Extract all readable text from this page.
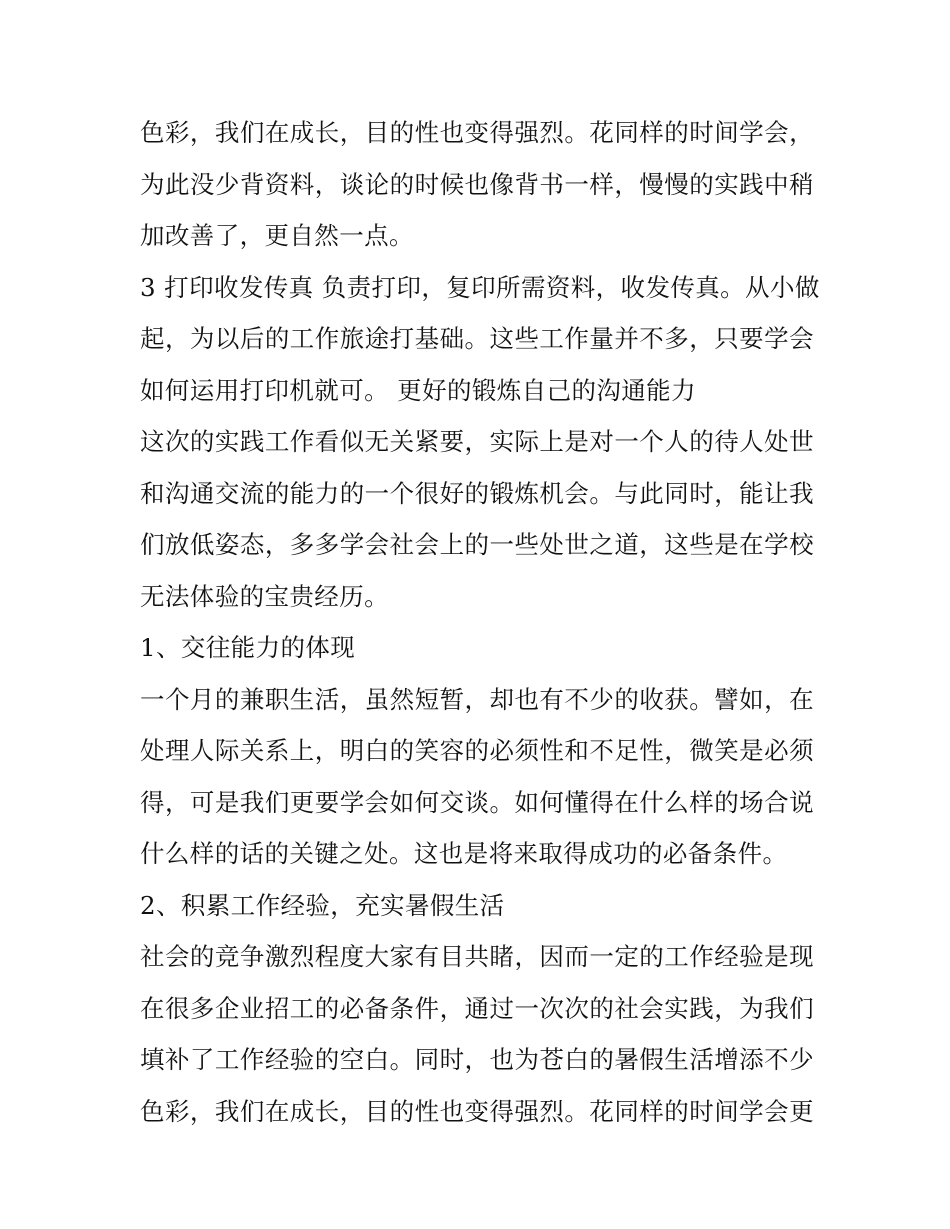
色彩，我们在成长，目的性也变得强烈。花同样的时间学会，
为此没少背资料，谈论的时候也像背书一样，慢慢的实践中稍
加改善了，更自然一点。
3 打印收发传真 负责打印，复印所需资料，收发传真。从小做
起，为以后的工作旅途打基础。这些工作量并不多，只要学会
如何运用打印机就可。 更好的锻炼自己的沟通能力
这次的实践工作看似无关紧要，实际上是对一个人的待人处世
和沟通交流的能力的一个很好的锻炼机会。与此同时，能让我
们放低姿态，多多学会社会上的一些处世之道，这些是在学校
无法体验的宝贵经历。
1、交往能力的体现
一个月的兼职生活，虽然短暂，却也有不少的收获。譬如，在
处理人际关系上，明白的笑容的必须性和不足性，微笑是必须
得，可是我们更要学会如何交谈。如何懂得在什么样的场合说
什么样的话的关键之处。这也是将来取得成功的必备条件。
2、积累工作经验，充实暑假生活
社会的竞争激烈程度大家有目共睹，因而一定的工作经验是现
在很多企业招工的必备条件，通过一次次的社会实践，为我们
填补了工作经验的空白。同时，也为苍白的暑假生活增添不少
色彩，我们在成长，目的性也变得强烈。花同样的时间学会更
